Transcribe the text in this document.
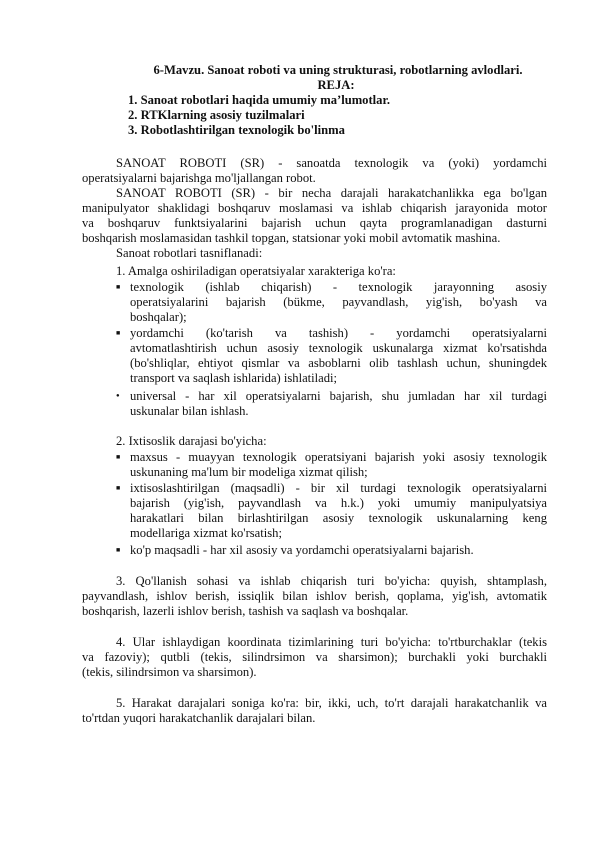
6-Mavzu. Sanoat roboti va uning strukturasi, robotlarning avlodlari.
REJA:
1. Sanoat robotlari haqida umumiy ma’lumotlar.
2. RTKlarning asosiy tuzilmalari
3. Robotlashtirilgan texnologik bo'linma
SANOAT ROBOTI (SR) - sanoatda texnologik va (yoki) yordamchi
operatsiyalarni bajarishga mo'ljallangan robot.
SANOAT ROBOTI (SR) - bir necha darajali harakatchanlikka ega bo'lgan
manipulyator shaklidagi boshqaruv moslamasi va ishlab chiqarish jarayonida motor
va boshqaruv funktsiyalarini bajarish uchun qayta programlanadigan dasturni
boshqarish moslamasidan tashkil topgan, statsionar yoki mobil avtomatik mashina.
Sanoat robotlari tasniflanadi:
1. Amalga oshiriladigan operatsiyalar xarakteriga ko'ra:
■ texnologik (ishlab chiqarish) - texnologik jarayonning asosiy
operatsiyalarini bajarish (bükme, payvandlash, yig'ish, bo'yash va
boshqalar);
■ yordamchi (ko'tarish va tashish) - yordamchi operatsiyalarni
avtomatlashtirish uchun asosiy texnologik uskunalarga xizmat ko'rsatishda
(bo'shliqlar, ehtiyot qismlar va asboblarni olib tashlash uchun, shuningdek
transport va saqlash ishlarida) ishlatiladi;
● universal - har xil operatsiyalarni bajarish, shu jumladan har xil turdagi
uskunalar bilan ishlash.
2. Ixtisoslik darajasi bo'yicha:
■ maxsus - muayyan texnologik operatsiyani bajarish yoki asosiy texnologik
uskunaning ma'lum bir modeliga xizmat qilish;
■ ixtisoslashtirilgan (maqsadli) - bir xil turdagi texnologik operatsiyalarni
bajarish (yig'ish, payvandlash va h.k.) yoki umumiy manipulyatsiya
harakatlari bilan birlashtirilgan asosiy texnologik uskunalarning keng
modellariga xizmat ko'rsatish;
■ ko'p maqsadli - har xil asosiy va yordamchi operatsiyalarni bajarish.
3. Qo'llanish sohasi va ishlab chiqarish turi bo'yicha: quyish, shtamplash,
payvandlash, ishlov berish, issiqlik bilan ishlov berish, qoplama, yig'ish, avtomatik
boshqarish, lazerli ishlov berish, tashish va saqlash va boshqalar.
4. Ular ishlaydigan koordinata tizimlarining turi bo'yicha: to'rtburchaklar (tekis
va fazoviy); qutbli (tekis, silindrsimon va sharsimon); burchakli yoki burchakli
(tekis, silindrsimon va sharsimon).
5. Harakat darajalari soniga ko'ra: bir, ikki, uch, to'rt darajali harakatchanlik va
to'rtdan yuqori harakatchanlik darajalari bilan.
